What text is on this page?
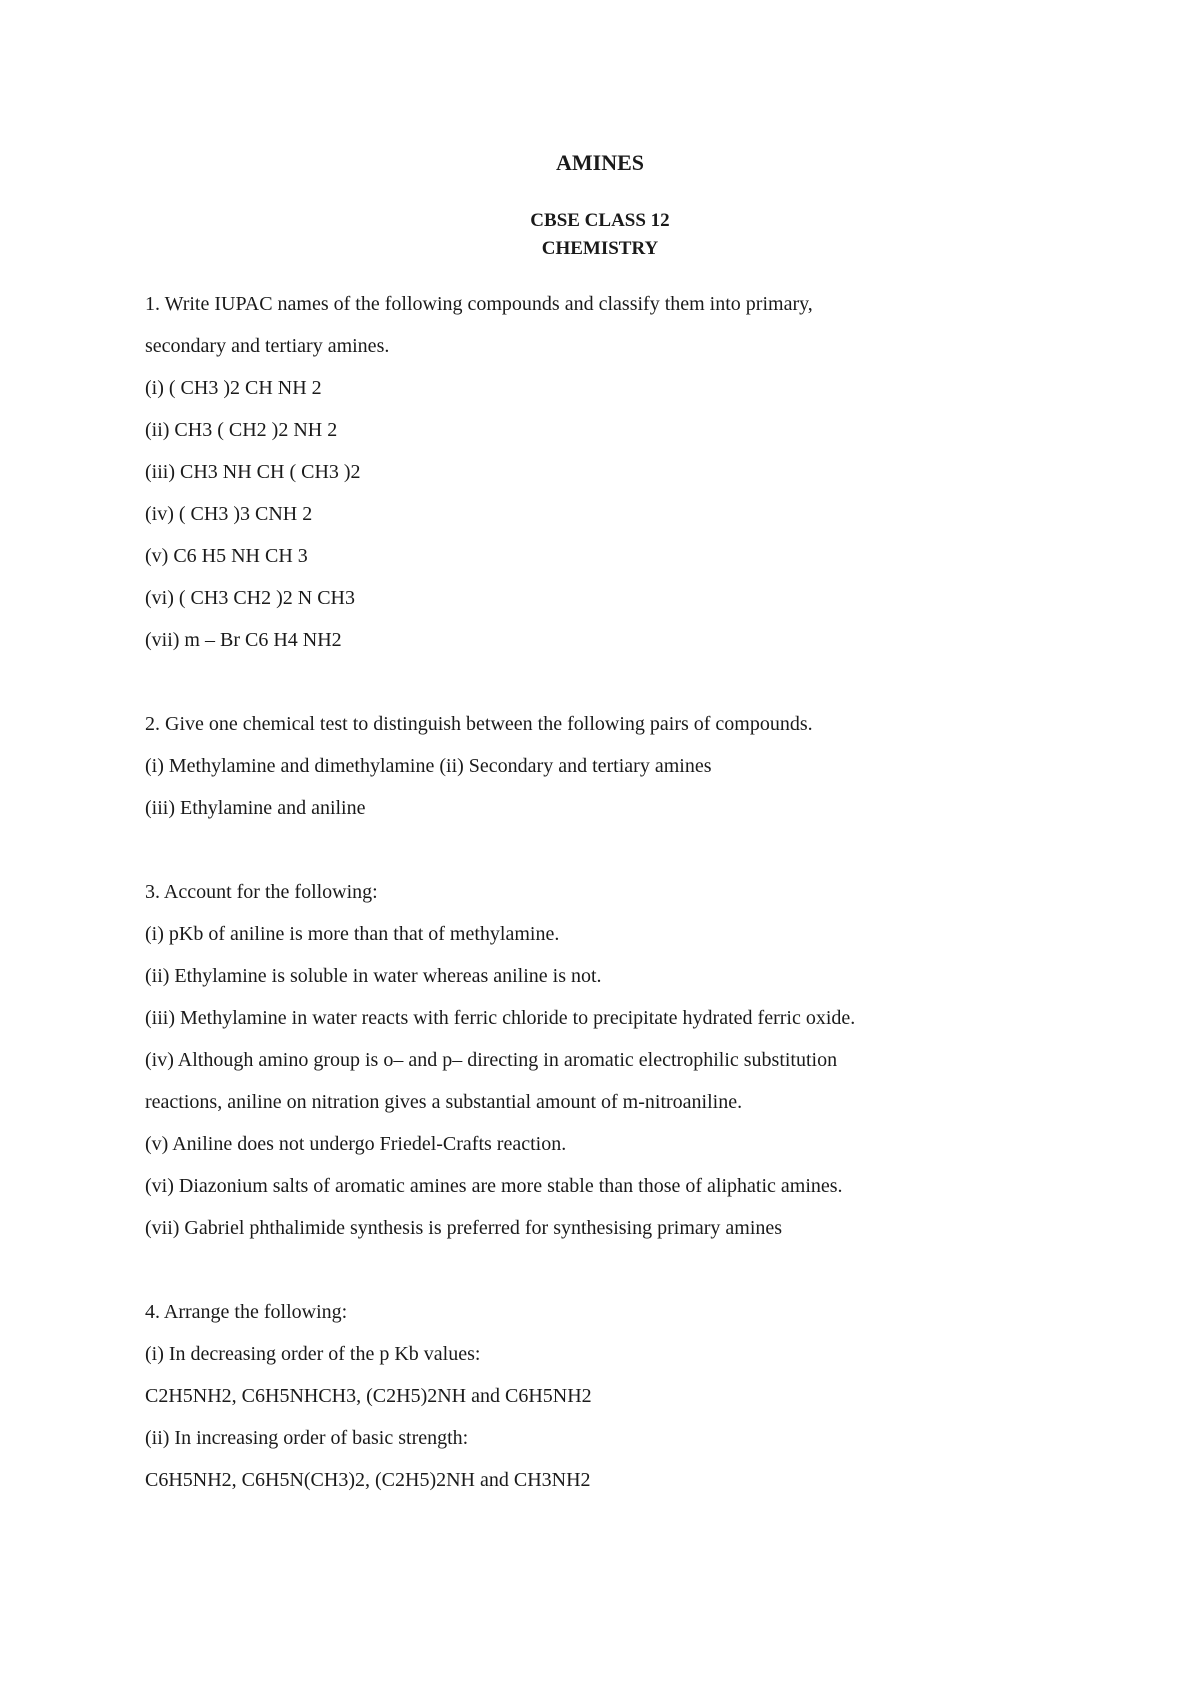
AMINES
CBSE CLASS 12
CHEMISTRY
1. Write IUPAC names of the following compounds and classify them into primary,
secondary and tertiary amines.
(i) ( CH3 )2 CH NH 2
(ii) CH3 ( CH2 )2 NH 2
(iii) CH3 NH CH ( CH3 )2
(iv) ( CH3 )3 CNH 2
(v) C6 H5 NH CH 3
(vi) ( CH3 CH2 )2 N CH3
(vii) m – Br C6 H4 NH2
2. Give one chemical test to distinguish between the following pairs of compounds.
(i) Methylamine and dimethylamine (ii) Secondary and tertiary amines
(iii) Ethylamine and aniline
3. Account for the following:
(i) pKb of aniline is more than that of methylamine.
(ii) Ethylamine is soluble in water whereas aniline is not.
(iii) Methylamine in water reacts with ferric chloride to precipitate hydrated ferric oxide.
(iv) Although amino group is o– and p– directing in aromatic electrophilic substitution
reactions, aniline on nitration gives a substantial amount of m-nitroaniline.
(v) Aniline does not undergo Friedel-Crafts reaction.
(vi) Diazonium salts of aromatic amines are more stable than those of aliphatic amines.
(vii) Gabriel phthalimide synthesis is preferred for synthesising primary amines
4. Arrange the following:
(i) In decreasing order of the p Kb values:
C2H5NH2, C6H5NHCH3, (C2H5)2NH and C6H5NH2
(ii) In increasing order of basic strength:
C6H5NH2, C6H5N(CH3)2, (C2H5)2NH and CH3NH2
